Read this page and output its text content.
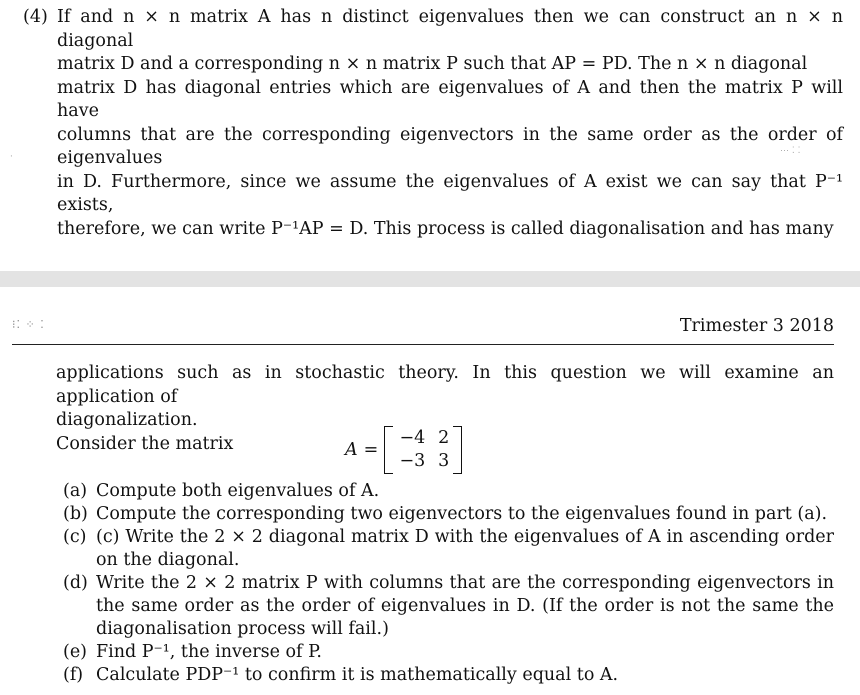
(4) If and n × n matrix A has n distinct eigenvalues then we can construct an n × n diagonal
matrix D and a corresponding n × n matrix P such that AP = PD. The n × n diagonal
matrix D has diagonal entries which are eigenvalues of A and then the matrix P will have
columns that are the corresponding eigenvectors in the same order as the order of eigenvalues
in D. Furthermore, since we assume the eigenvalues of A exist we can say that P⁻¹ exists,
therefore, we can write P⁻¹AP = D. This process is called diagonalisation and has many
·
⋯ ⁚ ⁚
⁝⁚ ⁘ ⁚	Trimester 3 2018

applications such as in stochastic theory. In this question we will examine an application of

diagonalization.

Consider the matrix	A =
−4 2
−3 3
(a) Compute both eigenvalues of A.
(b) Compute the corresponding two eigenvectors to the eigenvalues found in part (a).
(c) (c) Write the 2 × 2 diagonal matrix D with the eigenvalues of A in ascending order on the diagonal.
(d) Write the 2 × 2 matrix P with columns that are the corresponding eigenvectors in the same order as the order of eigenvalues in D. (If the order is not the same the diagonalisation process will fail.)
(e) Find P⁻¹, the inverse of P.
(f) Calculate PDP⁻¹ to confirm it is mathematically equal to A.
